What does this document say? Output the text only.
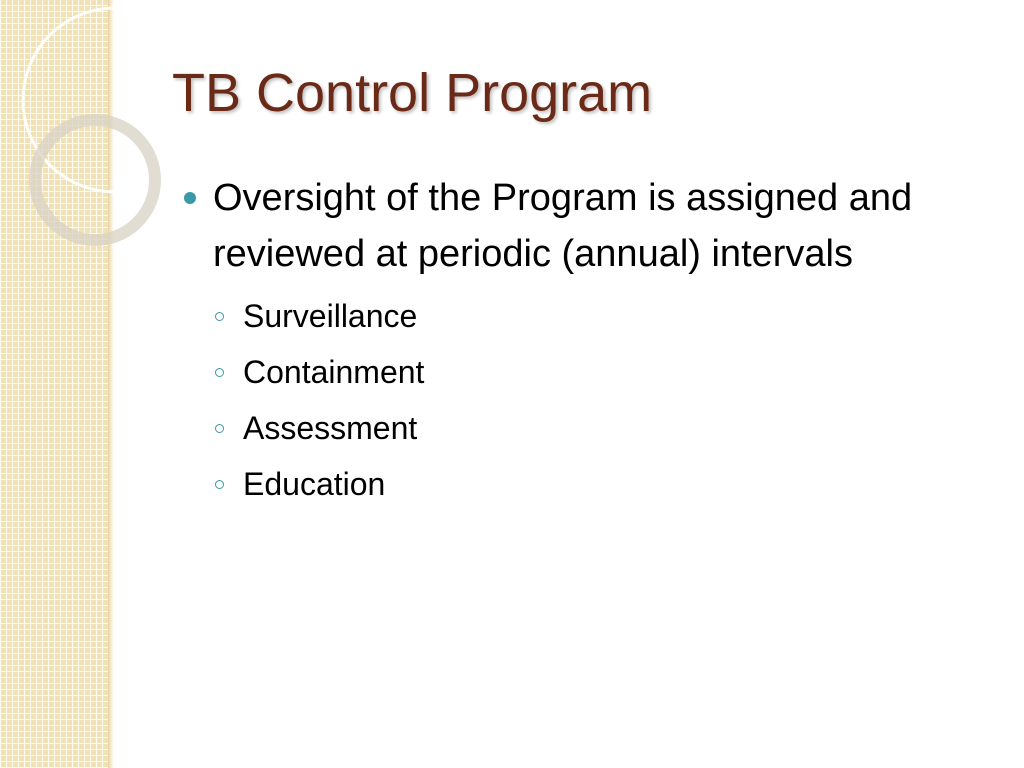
TB Control Program
Oversight of the Program is assigned and reviewed at periodic (annual) intervals
Surveillance
Containment
Assessment
Education
